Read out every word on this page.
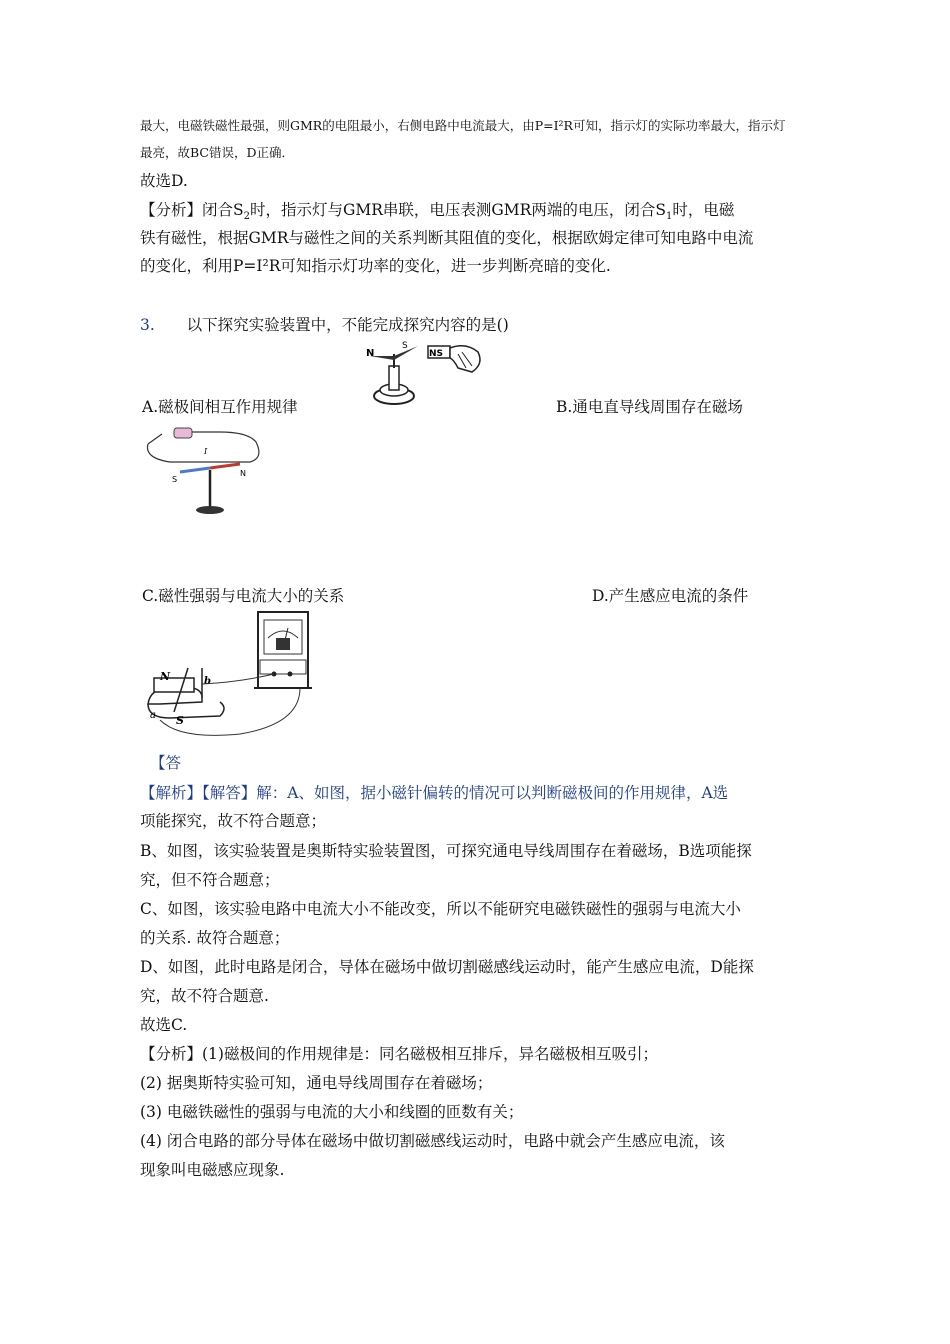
最大，电磁铁磁性最强，则GMR的电阻最小，右侧电路中电流最大，由P=I²R可知，指示灯的实际功率最大，指示灯
最亮，故BC错误，D正确．
故选D.
【分析】闭合$S_2$时，指示灯与GMR串联，电压表测GMR两端的电压，闭合$S_1$时，电磁
铁有磁性，根据GMR与磁性之间的关系判断其阻值的变化，根据欧姆定律可知电路中电流
的变化，利用P=I²R可知指示灯功率的变化，进一步判断亮暗的变化.
3. 以下探究实验装置中，不能完成探究内容的是()
N
S
NS
A.磁极间相互作用规律	B.通电直导线周围存在磁场
I
S
N
C.磁性强弱与电流大小的关系	D.产生感应电流的条件
N
S
a
b
【答
【解析】【解答】解：A、如图，据小磁针偏转的情况可以判断磁极间的作用规律，A选
项能探究，故不符合题意；
B、如图，该实验装置是奥斯特实验装置图，可探究通电导线周围存在着磁场，B选项能探
究，但不符合题意；
C、如图，该实验电路中电流大小不能改变，所以不能研究电磁铁磁性的强弱与电流大小
的关系. 故符合题意；
D、如图，此时电路是闭合，导体在磁场中做切割磁感线运动时，能产生感应电流，D能探
究，故不符合题意.
故选C.
【分析】(1)磁极间的作用规律是：同名磁极相互排斥，异名磁极相互吸引；
(2) 据奥斯特实验可知，通电导线周围存在着磁场；
(3) 电磁铁磁性的强弱与电流的大小和线圈的匝数有关；
(4) 闭合电路的部分导体在磁场中做切割磁感线运动时，电路中就会产生感应电流，该
现象叫电磁感应现象.
